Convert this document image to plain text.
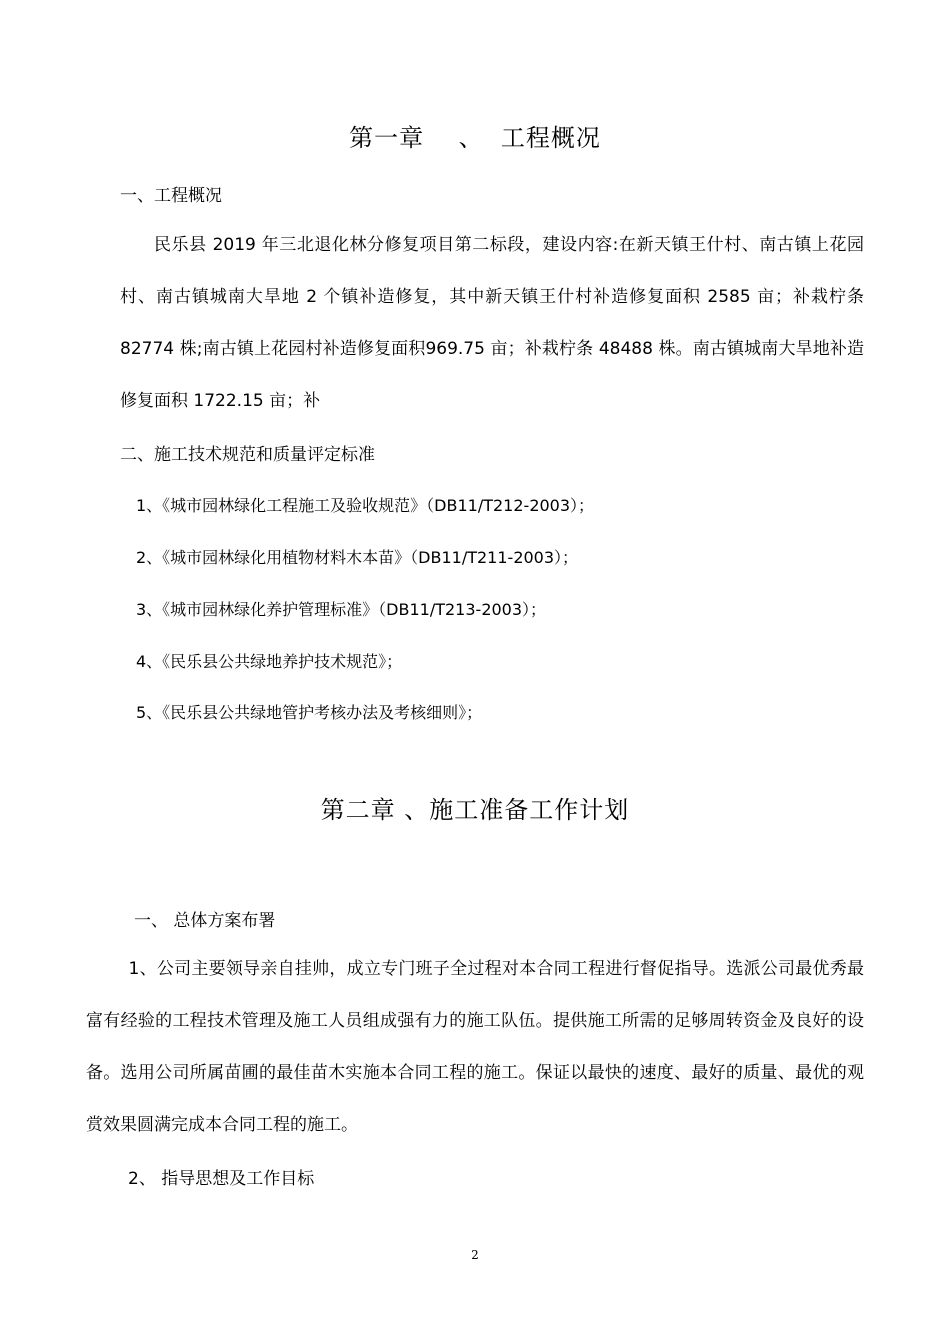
第一章    、  工程概况
一、工程概况
民乐县 2019 年三北退化林分修复项目第二标段，建设内容:在新天镇王什村、南古镇上花园村、南古镇城南大旱地 2 个镇补造修复，其中新天镇王什村补造修复面积 2585 亩；补栽柠条 82774 株;南古镇上花园村补造修复面积969.75 亩；补栽柠条 48488 株。南古镇城南大旱地补造修复面积 1722.15 亩；补
二、施工技术规范和质量评定标准
1、《城市园林绿化工程施工及验收规范》（DB11/T212-2003）；
2、《城市园林绿化用植物材料木本苗》（DB11/T211-2003）；
3、《城市园林绿化养护管理标准》（DB11/T213-2003）；
4、《民乐县公共绿地养护技术规范》；
5、《民乐县公共绿地管护考核办法及考核细则》；
第二章 、施工准备工作计划
一、 总体方案布署
1、公司主要领导亲自挂帅，成立专门班子全过程对本合同工程进行督促指导。选派公司最优秀最富有经验的工程技术管理及施工人员组成强有力的施工队伍。提供施工所需的足够周转资金及良好的设备。选用公司所属苗圃的最佳苗木实施本合同工程的施工。保证以最快的速度、最好的质量、最优的观赏效果圆满完成本合同工程的施工。
2、 指导思想及工作目标
2
